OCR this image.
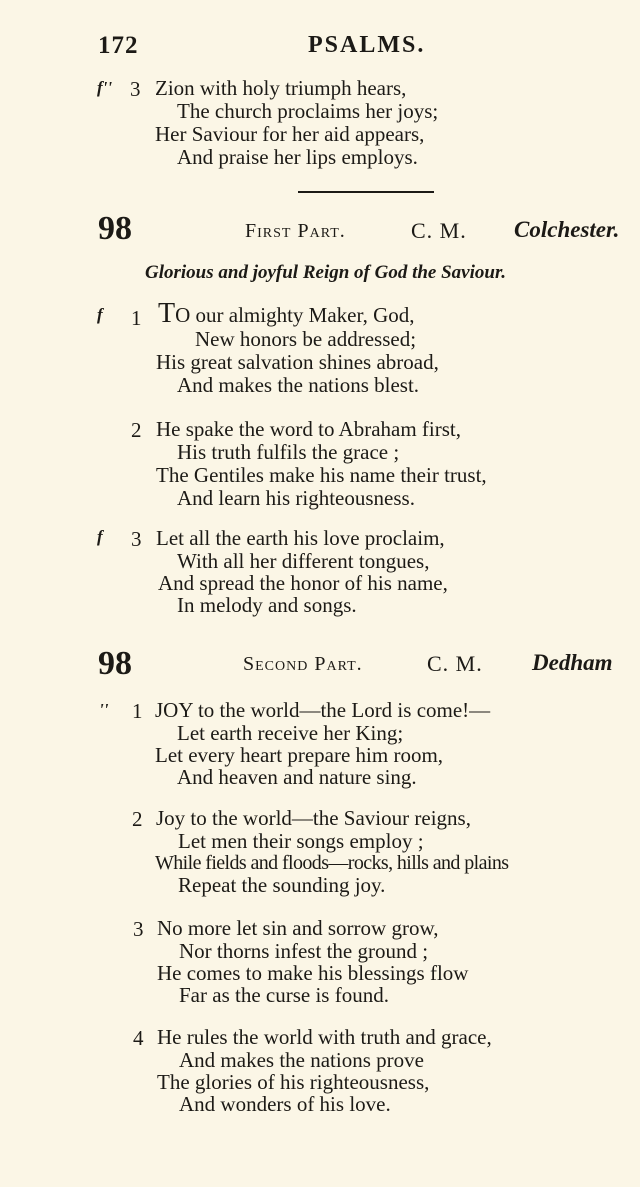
172	PSALMS.
f'' 3 Zion with holy triumph hears,
The church proclaims her joys;
Her Saviour for her aid appears,
And praise her lips employs.
98	First Part.	C. M. Colchester.
Glorious and joyful Reign of God the Saviour.
f 1 TO our almighty Maker, God,
New honors be addressed;
His great salvation shines abroad,
And makes the nations blest.
2 He spake the word to Abraham first,
His truth fulfils the grace ;
The Gentiles make his name their trust,
And learn his righteousness.
f 3 Let all the earth his love proclaim,
With all her different tongues,
And spread the honor of his name,
In melody and songs.
98	Second Part.	C. M. Dedham
'' 1 JOY to the world—the Lord is come!—
Let earth receive her King;
Let every heart prepare him room,
And heaven and nature sing.
2 Joy to the world—the Saviour reigns,
Let men their songs employ ;
While fields and floods—rocks, hills and plains
Repeat the sounding joy.
3 No more let sin and sorrow grow,
Nor thorns infest the ground ;
He comes to make his blessings flow
Far as the curse is found.
4 He rules the world with truth and grace,
And makes the nations prove
The glories of his righteousness,
And wonders of his love.
